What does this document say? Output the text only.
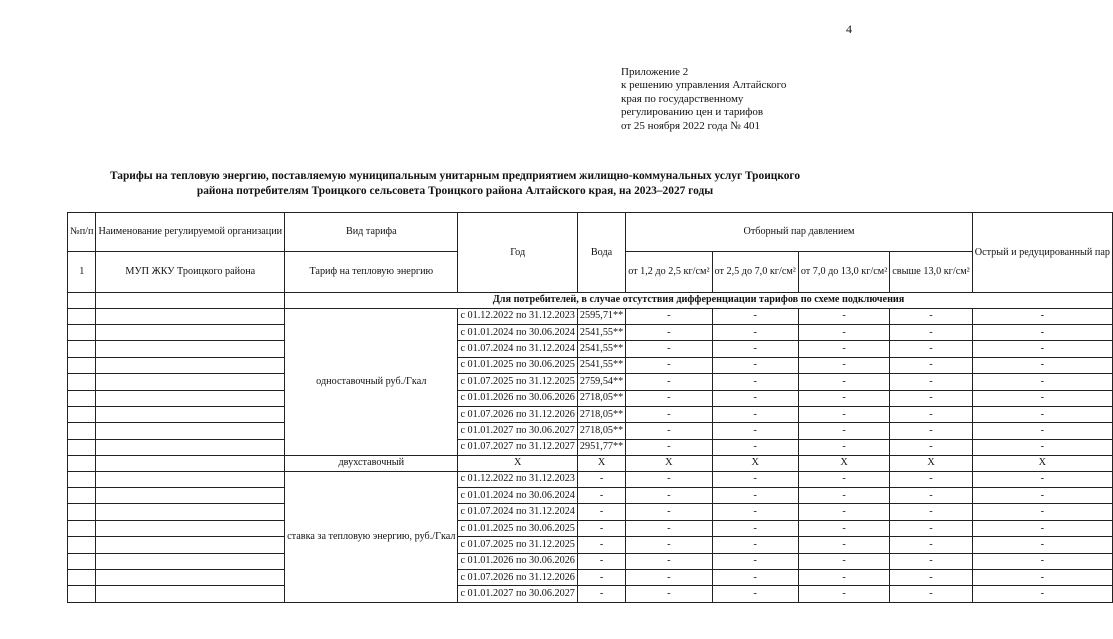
4
Приложение 2
к решению управления Алтайского
края по государственному
регулированию цен и тарифов
от 25 ноября 2022 года № 401
Тарифы на тепловую энергию, поставляемую муниципальным унитарным предприятием жилищно-коммунальных услуг Троицкого
района потребителям Троицкого сельсовета Троицкого района Алтайского края, на 2023–2027 годы
№п/п	Наименование регулируемой организации	Вид тарифа	Год	Вода	Отборный пар давлением				Острый и редуцированный пар
1	МУП ЖКУ Троицкого района	Тариф на тепловую энергию			от 1,2 до 2,5 кг/см²	от 2,5 до 7,0 кг/см²	от 7,0 до 13,0 кг/см²	свыше 13,0 кг/см²	
		Для потребителей, в случае отсутствия дифференциации тарифов по схеме подключения							
		одноставочный руб./Гкал	с 01.12.2022 по 31.12.2023	2595,71**	-	-	-	-	-
			с 01.01.2024 по 30.06.2024	2541,55**	-	-	-	-	-
			с 01.07.2024 по 31.12.2024	2541,55**	-	-	-	-	-
			с 01.01.2025 по 30.06.2025	2541,55**	-	-	-	-	-
			с 01.07.2025 по 31.12.2025	2759,54**	-	-	-	-	-
			с 01.01.2026 по 30.06.2026	2718,05**	-	-	-	-	-
			с 01.07.2026 по 31.12.2026	2718,05**	-	-	-	-	-
			с 01.01.2027 по 30.06.2027	2718,05**	-	-	-	-	-
			с 01.07.2027 по 31.12.2027	2951,77**	-	-	-	-	-
		двухставочный	X	X	X	X	X	X	X
		ставка за тепловую энергию, руб./Гкал	с 01.12.2022 по 31.12.2023	-	-	-	-	-	-
			с 01.01.2024 по 30.06.2024	-	-	-	-	-	-
			с 01.07.2024 по 31.12.2024	-	-	-	-	-	-
			с 01.01.2025 по 30.06.2025	-	-	-	-	-	-
			с 01.07.2025 по 31.12.2025	-	-	-	-	-	-
			с 01.01.2026 по 30.06.2026	-	-	-	-	-	-
			с 01.07.2026 по 31.12.2026	-	-	-	-	-	-
			с 01.01.2027 по 30.06.2027	-	-	-	-	-	-
